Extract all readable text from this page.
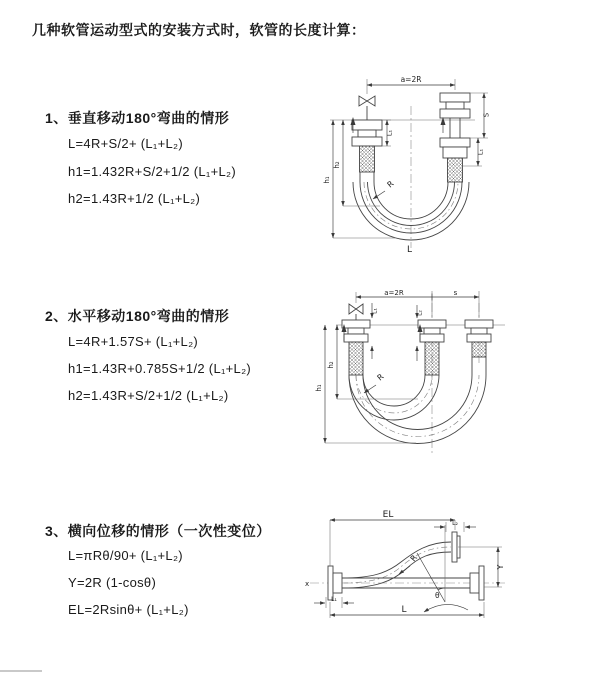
几种软管运动型式的安装方式时，软管的长度计算：
1、垂直移动180°弯曲的情形
L=4R+S/2+ (L₁+L₂)
h1=1.432R+S/2+1/2 (L₁+L₂)
h2=1.43R+1/2 (L₁+L₂)
2、水平移动180°弯曲的情形
L=4R+1.57S+ (L₁+L₂)
h1=1.43R+0.785S+1/2 (L₁+L₂)
h2=1.43R+S/2+1/2 (L₁+L₂)
3、横向位移的情形（一次性变位）
L=πRθ/90+ (L₁+L₂)
Y=2R (1-cosθ)
EL=2Rsinθ+ (L₁+L₂)
a=2R
R
L
h₁
h₂
L₁
S
L₁
a=2R	s
L₁	L₂
h₁
h₂
R
x
EL
L₂
Y
θ
R
L
L₁
